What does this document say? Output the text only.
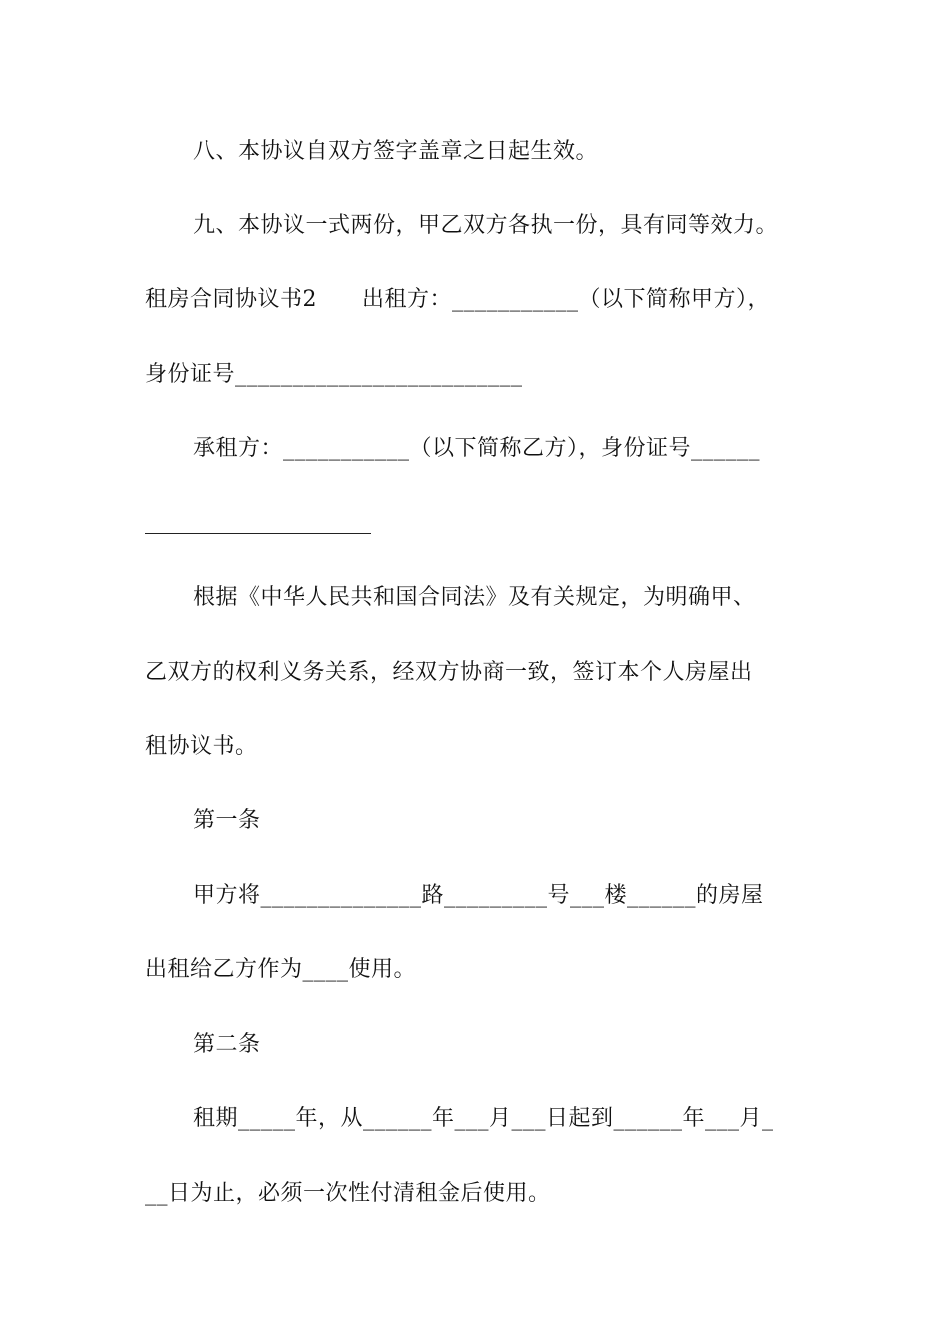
八、本协议自双方签字盖章之日起生效。
九、本协议一式两份，甲乙双方各执一份，具有同等效力。
租房合同协议书2　　出租方：___________（以下简称甲方），
身份证号_________________________
承租方：___________（以下简称乙方），身份证号______
根据《中华人民共和国合同法》及有关规定，为明确甲、
乙双方的权利义务关系，经双方协商一致，签订本个人房屋出
租协议书。
第一条
甲方将______________路_________号___楼______的房屋
出租给乙方作为____使用。
第二条
租期_____年，从______年___月___日起到______年___月_
__日为止，必须一次性付清租金后使用。
